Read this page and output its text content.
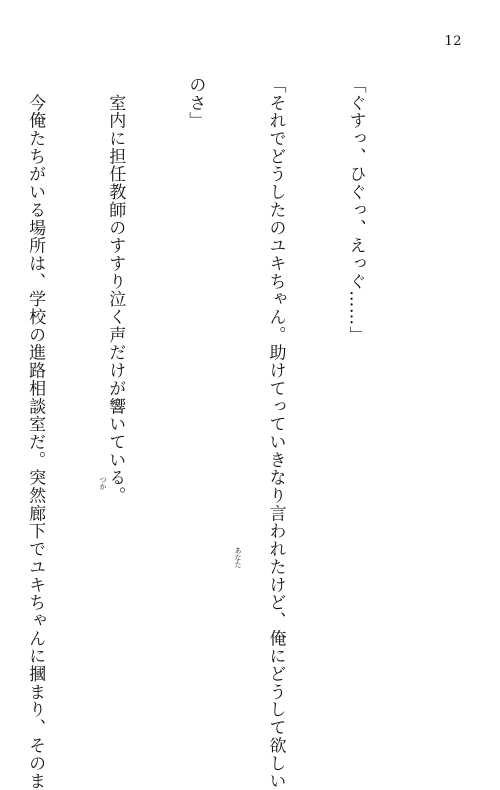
12

「ぐすっ、ひぐっ、えっぐ……」

「それでどうしたのユキちゃん。助けてっていきなり言われたけど、俺にどうして欲しい

のさ」

　室内に担任教師のすすり泣く声だけが響いている。

　今俺たちがいる場所は、学校の進路相談室だ。突然廊下でユキちゃんに摑まり、そのま

	つか
あなた
